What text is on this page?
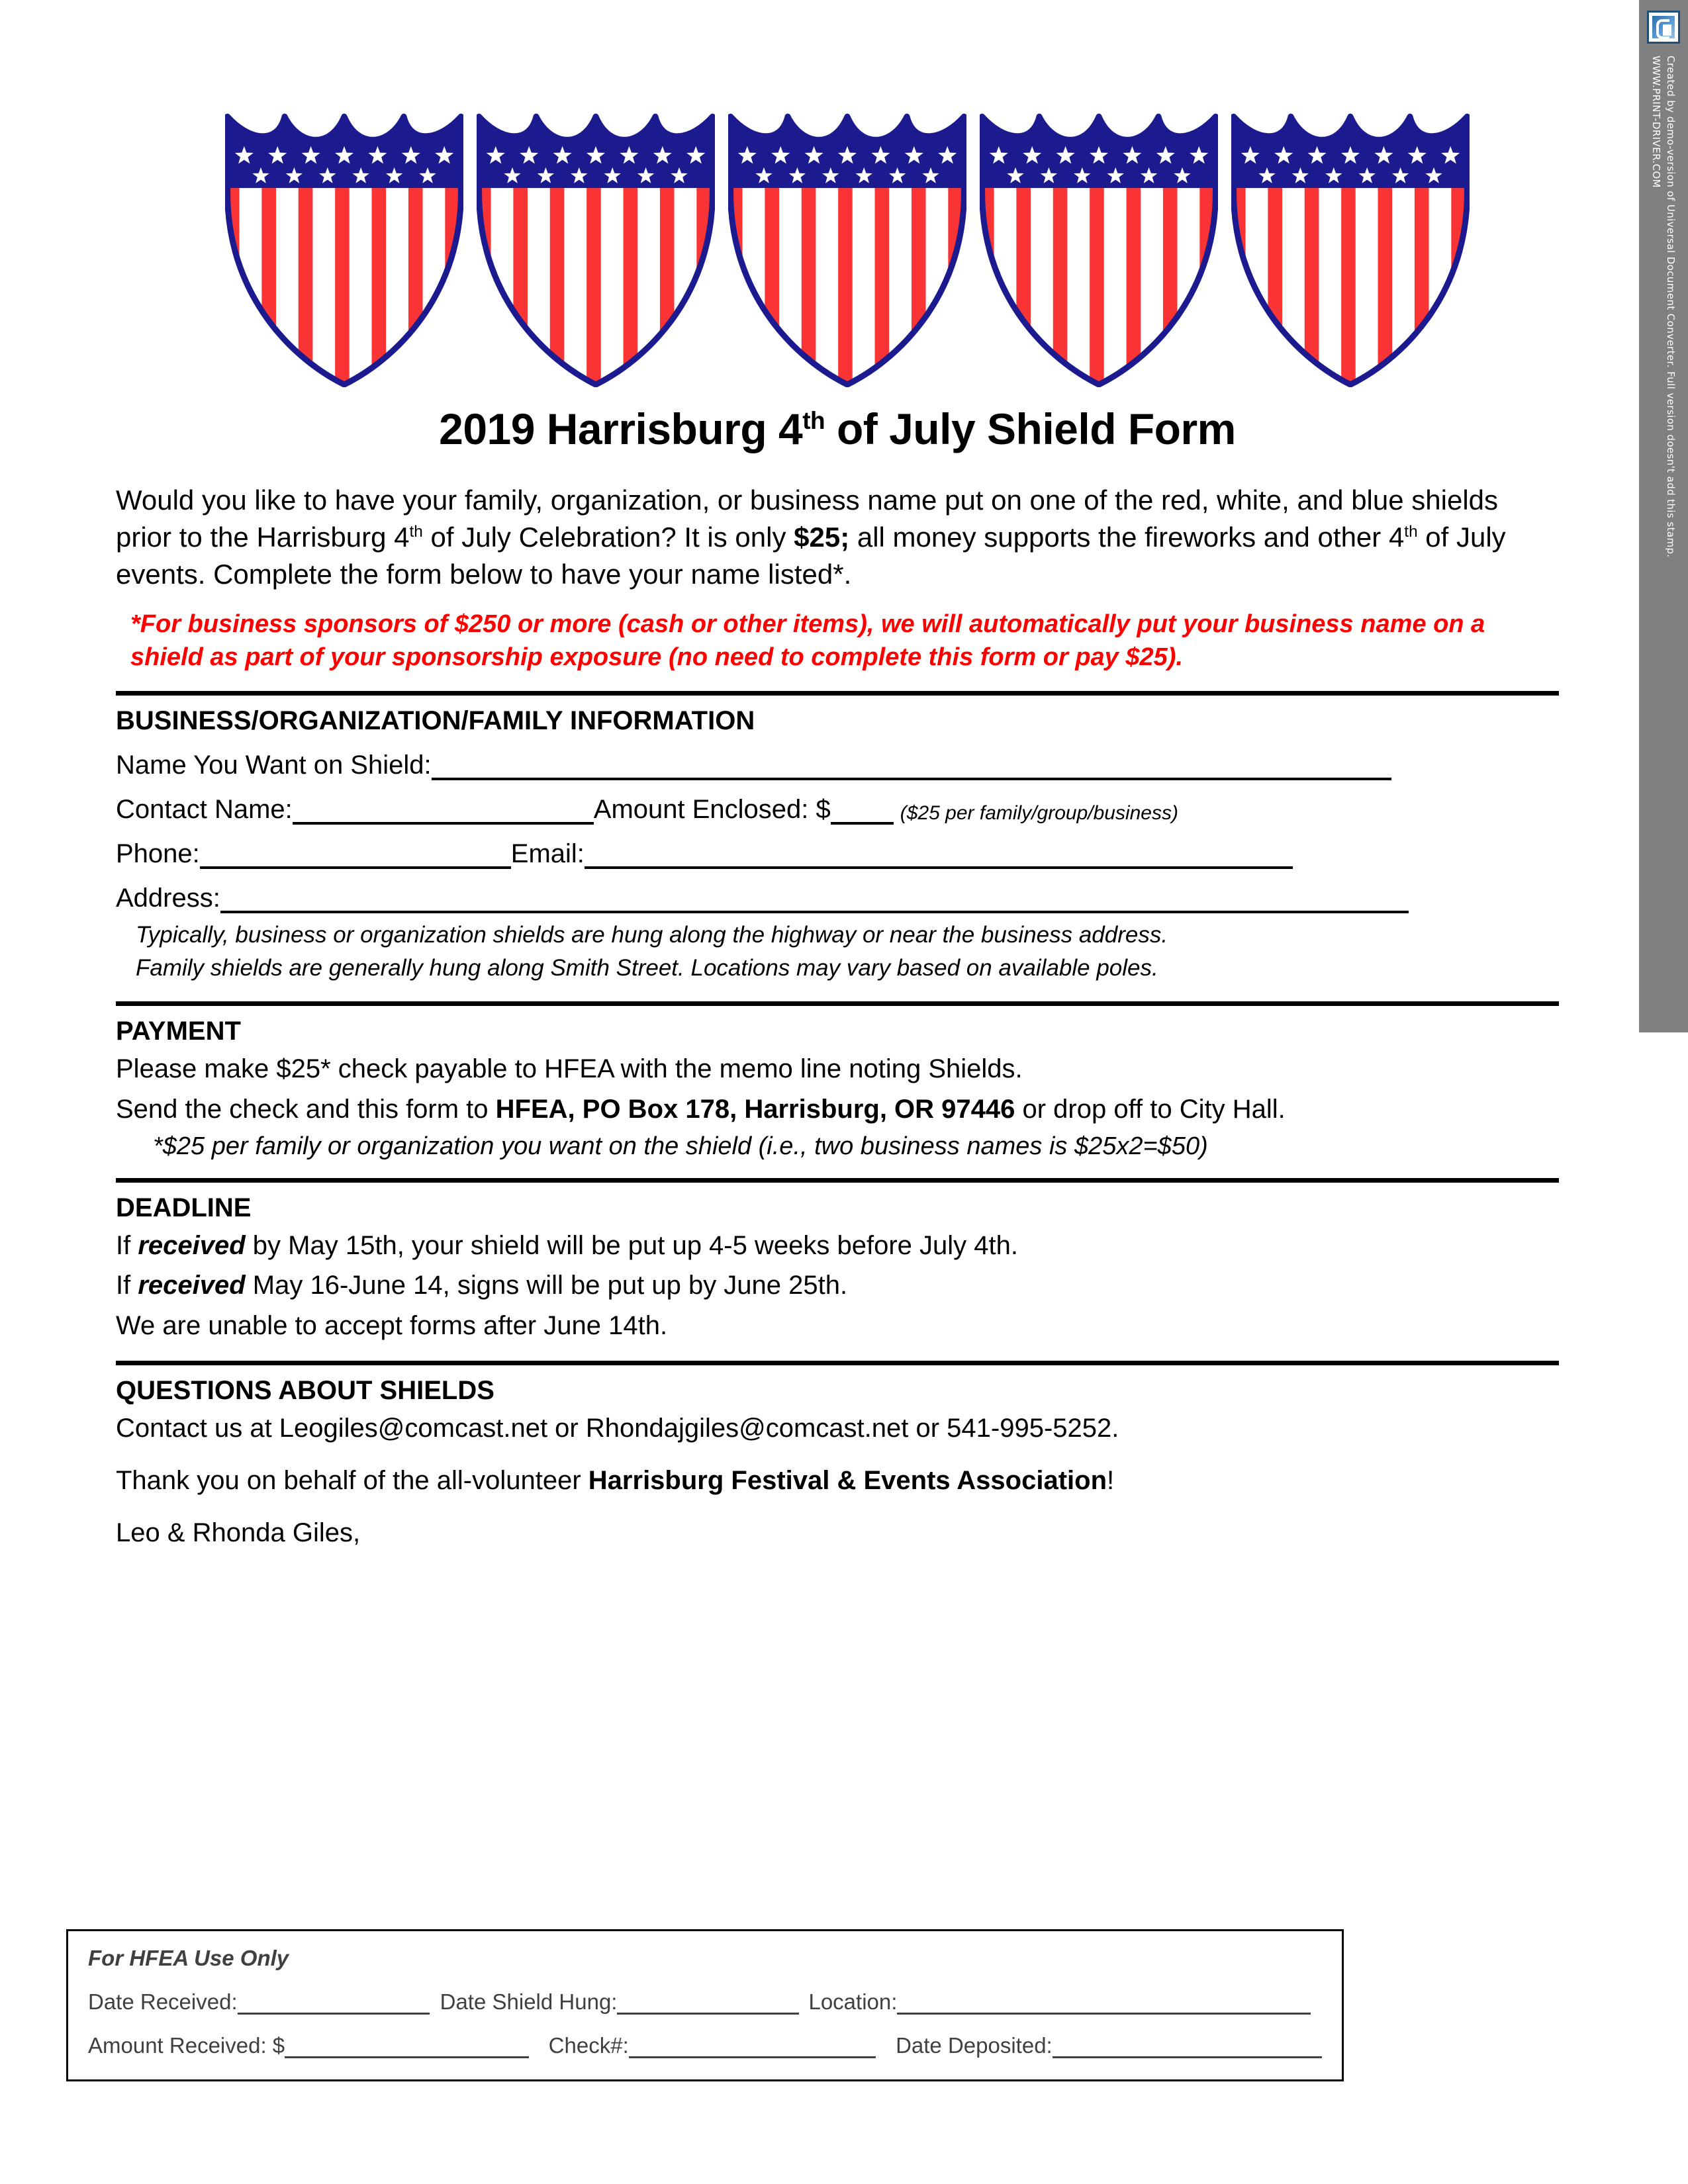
Created by demo-version of Universal Document Converter. Full version doesn't add this stamp.
WWW.PRINT-DRIVER.COM
2019 Harrisburg 4th of July Shield Form

Would you like to have your family, organization, or business name put on one of the red, white, and blue shields prior to the Harrisburg 4th of July Celebration? It is only $25; all money supports the fireworks and other 4th of July events. Complete the form below to have your name listed*.

*For business sponsors of $250 or more (cash or other items), we will automatically put your business name on a shield as part of your sponsorship exposure (no need to complete this form or pay $25).

BUSINESS/ORGANIZATION/FAMILY INFORMATION
Name You Want on Shield:
Contact Name:	Amount Enclosed: $	($25 per family/group/business)
Phone:	Email:
Address:
Typically, business or organization shields are hung along the highway or near the business address.
Family shields are generally hung along Smith Street. Locations may vary based on available poles.
PAYMENT
Please make $25* check payable to HFEA with the memo line noting Shields.
Send the check and this form to HFEA, PO Box 178, Harrisburg, OR 97446 or drop off to City Hall.
*$25 per family or organization you want on the shield (i.e., two business names is $25x2=$50)
DEADLINE
If received by May 15th, your shield will be put up 4-5 weeks before July 4th.
If received May 16-June 14, signs will be put up by June 25th.
We are unable to accept forms after June 14th.
QUESTIONS ABOUT SHIELDS
Contact us at Leogiles@comcast.net or Rhondajgiles@comcast.net or 541-995-5252.
Thank you on behalf of the all-volunteer Harrisburg Festival & Events Association!
Leo & Rhonda Giles,
For HFEA Use Only
Date Received:	Date Shield Hung:	Location:
Amount Received: $	Check#:	Date Deposited:
